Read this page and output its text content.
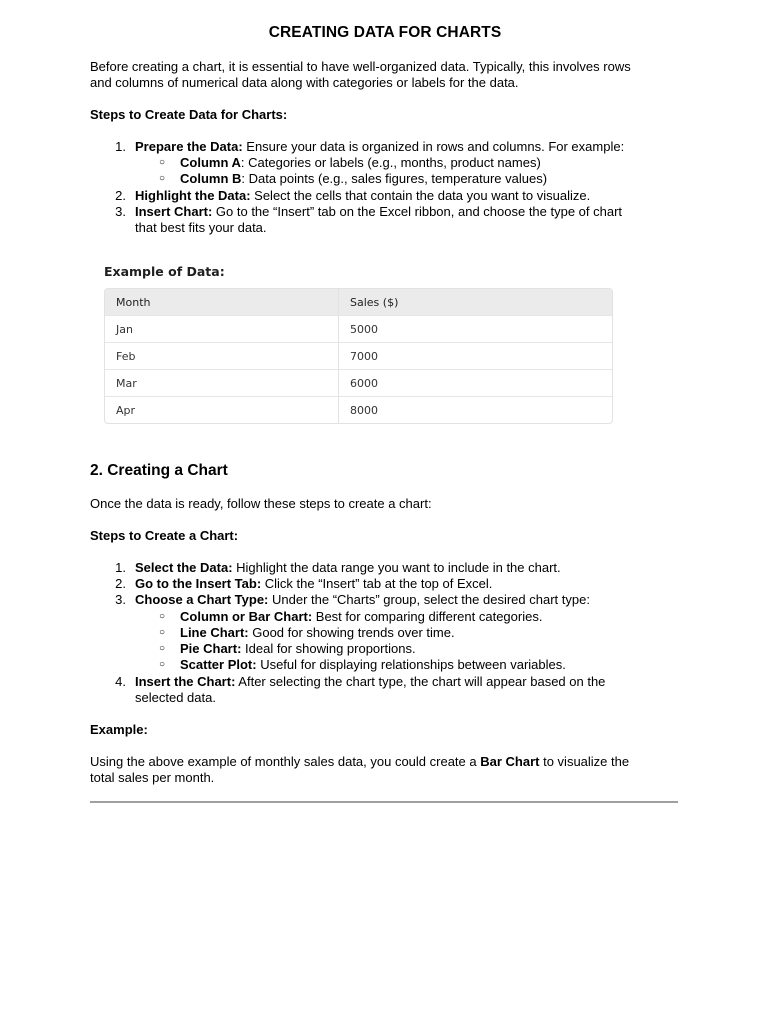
CREATING DATA FOR CHARTS
Before creating a chart, it is essential to have well-organized data. Typically, this involves rows
and columns of numerical data along with categories or labels for the data.
Steps to Create Data for Charts:
1. Prepare the Data: Ensure your data is organized in rows and columns. For example:
○ Column A: Categories or labels (e.g., months, product names)
○ Column B: Data points (e.g., sales figures, temperature values)
2. Highlight the Data: Select the cells that contain the data you want to visualize.
3. Insert Chart: Go to the “Insert” tab on the Excel ribbon, and choose the type of chart
that best fits your data.
Example of Data:
Month	Sales ($)
Jan	5000
Feb	7000
Mar	6000
Apr	8000
2. Creating a Chart
Once the data is ready, follow these steps to create a chart:
Steps to Create a Chart:
1. Select the Data: Highlight the data range you want to include in the chart.
2. Go to the Insert Tab: Click the “Insert” tab at the top of Excel.
3. Choose a Chart Type: Under the “Charts” group, select the desired chart type:
○ Column or Bar Chart: Best for comparing different categories.
○ Line Chart: Good for showing trends over time.
○ Pie Chart: Ideal for showing proportions.
○ Scatter Plot: Useful for displaying relationships between variables.
4. Insert the Chart: After selecting the chart type, the chart will appear based on the
selected data.
Example:
Using the above example of monthly sales data, you could create a Bar Chart to visualize the
total sales per month.
